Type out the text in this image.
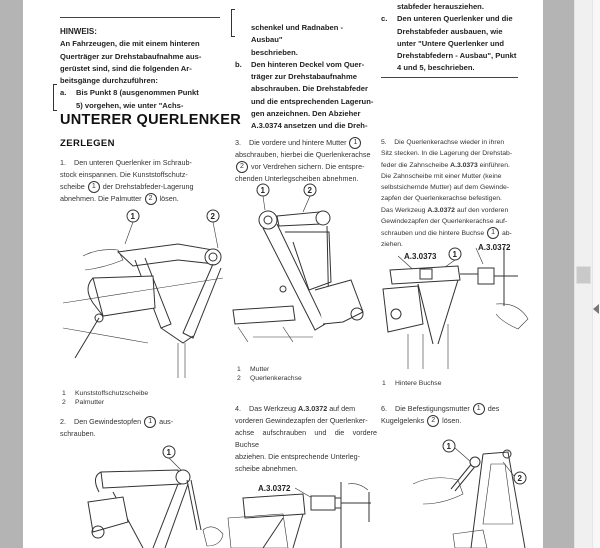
HINWEIS:
An Fahrzeugen, die mit einem hinteren
Querträger zur Drehstabaufnahme aus-
gerüstet sind, sind die folgenden Ar-
beitsgänge durchzuführen:
a.	Bis Punkt 8 (ausgenommen Punkt
5) vorgehen, wie unter "Achs-
schenkel und Radnaben - Ausbau"
beschrieben.
b.	Den hinteren Deckel vom Quer-
träger zur Drehstabaufnahme
abschrauben. Die Drehstabfeder
und die entsprechenden Lagerun-
gen anzeichnen. Den Abzieher
A.3.0374 ansetzen und die Dreh-
stabfeder herausziehen.
c.	Den unteren Querlenker und die
Drehstabfeder ausbauen, wie
unter "Untere Querlenker und
Drehstabfedern - Ausbau", Punkt
4 und 5, beschrieben.
UNTERER QUERLENKER
ZERLEGEN
1. Den unteren Querlenker im Schraub-
stock einspannen. Die Kunststoffschutz-
scheibe 1 der Drehstabfeder-Lagerung
abnehmen. Die Palmutter 2 lösen.
1	2
1 Kunststoffschutzscheibe
2 Palmutter
2. Den Gewindestopfen 1 aus-
schrauben.
1
3. Die vordere und hintere Mutter 1
abschrauben, hierbei die Querlenkerachse
2 vor Verdrehen sichern. Die entspre-
chenden Unterlegscheiben abnehmen.
1	2
1 Mutter
2 Querlenkerachse
4. Das Werkzeug A.3.0372 auf dem
vorderen Gewindezapfen der Querlenker-
achse aufschrauben und die vordere Buchse
abziehen. Die entsprechende Unterleg-
scheibe abnehmen.
A.3.0372
5. Die Querlenkerachse wieder in ihren
Sitz stecken. In die Lagerung der Drehstab-
feder die Zahnscheibe A.3.0373 einführen.
Die Zahnscheibe mit einer Mutter (keine
selbstsichernde Mutter) auf dem Gewinde-
zapfen der Querlenkerachse befestigen.
Das Werkzeug A.3.0372 auf den vorderen
Gewindezapfen der Querlenkerachse auf-
schrauben und die hintere Buchse 1 ab-
ziehen.
A.3.0373
A.3.0372
1
1 Hintere Buchse
6. Die Befestigungsmutter 1 des
Kugelgelenks 2 lösen.
1
2
